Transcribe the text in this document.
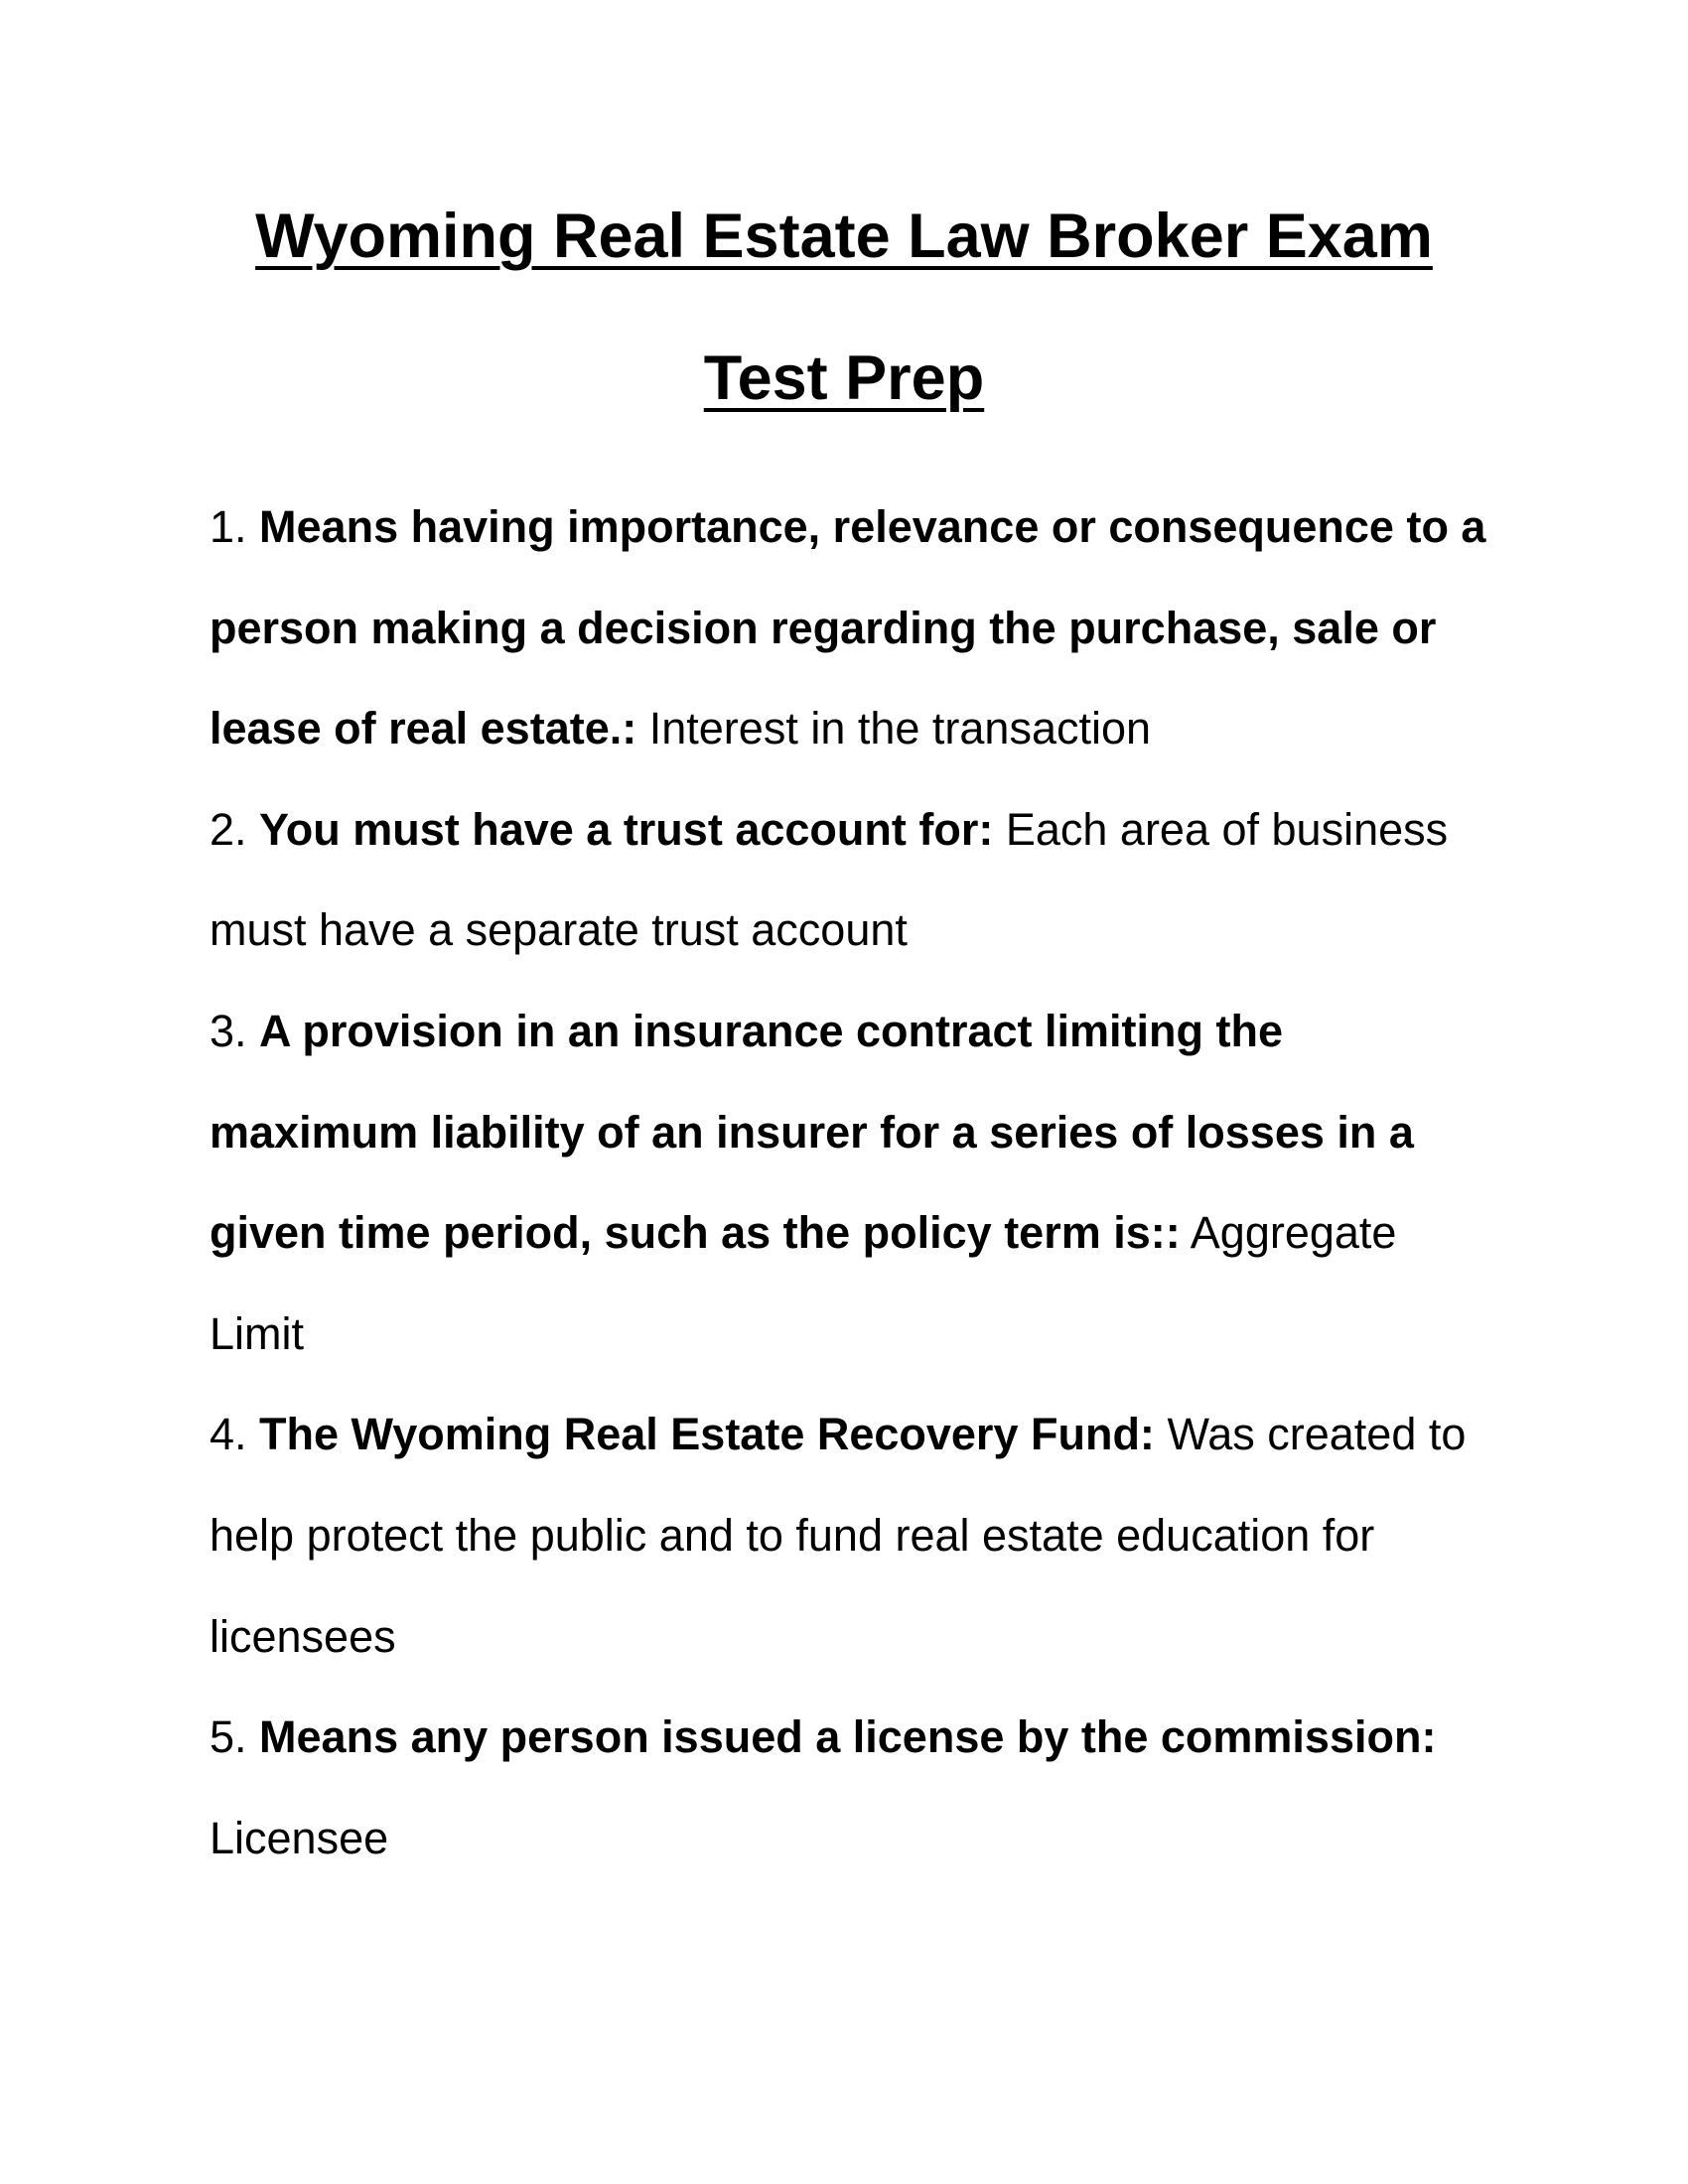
Wyoming Real Estate Law Broker Exam
Test Prep

1. Means having importance, relevance or consequence to a person making a decision regarding the purchase, sale or lease of real estate.: Interest in the transaction

2. You must have a trust account for: Each area of business must have a separate trust account

3. A provision in an insurance contract limiting the maximum liability of an insurer for a series of losses in a given time period, such as the policy term is:: Aggregate Limit

4. The Wyoming Real Estate Recovery Fund: Was created to help protect the public and to fund real estate education for licensees

5. Means any person issued a license by the commission: Licensee
